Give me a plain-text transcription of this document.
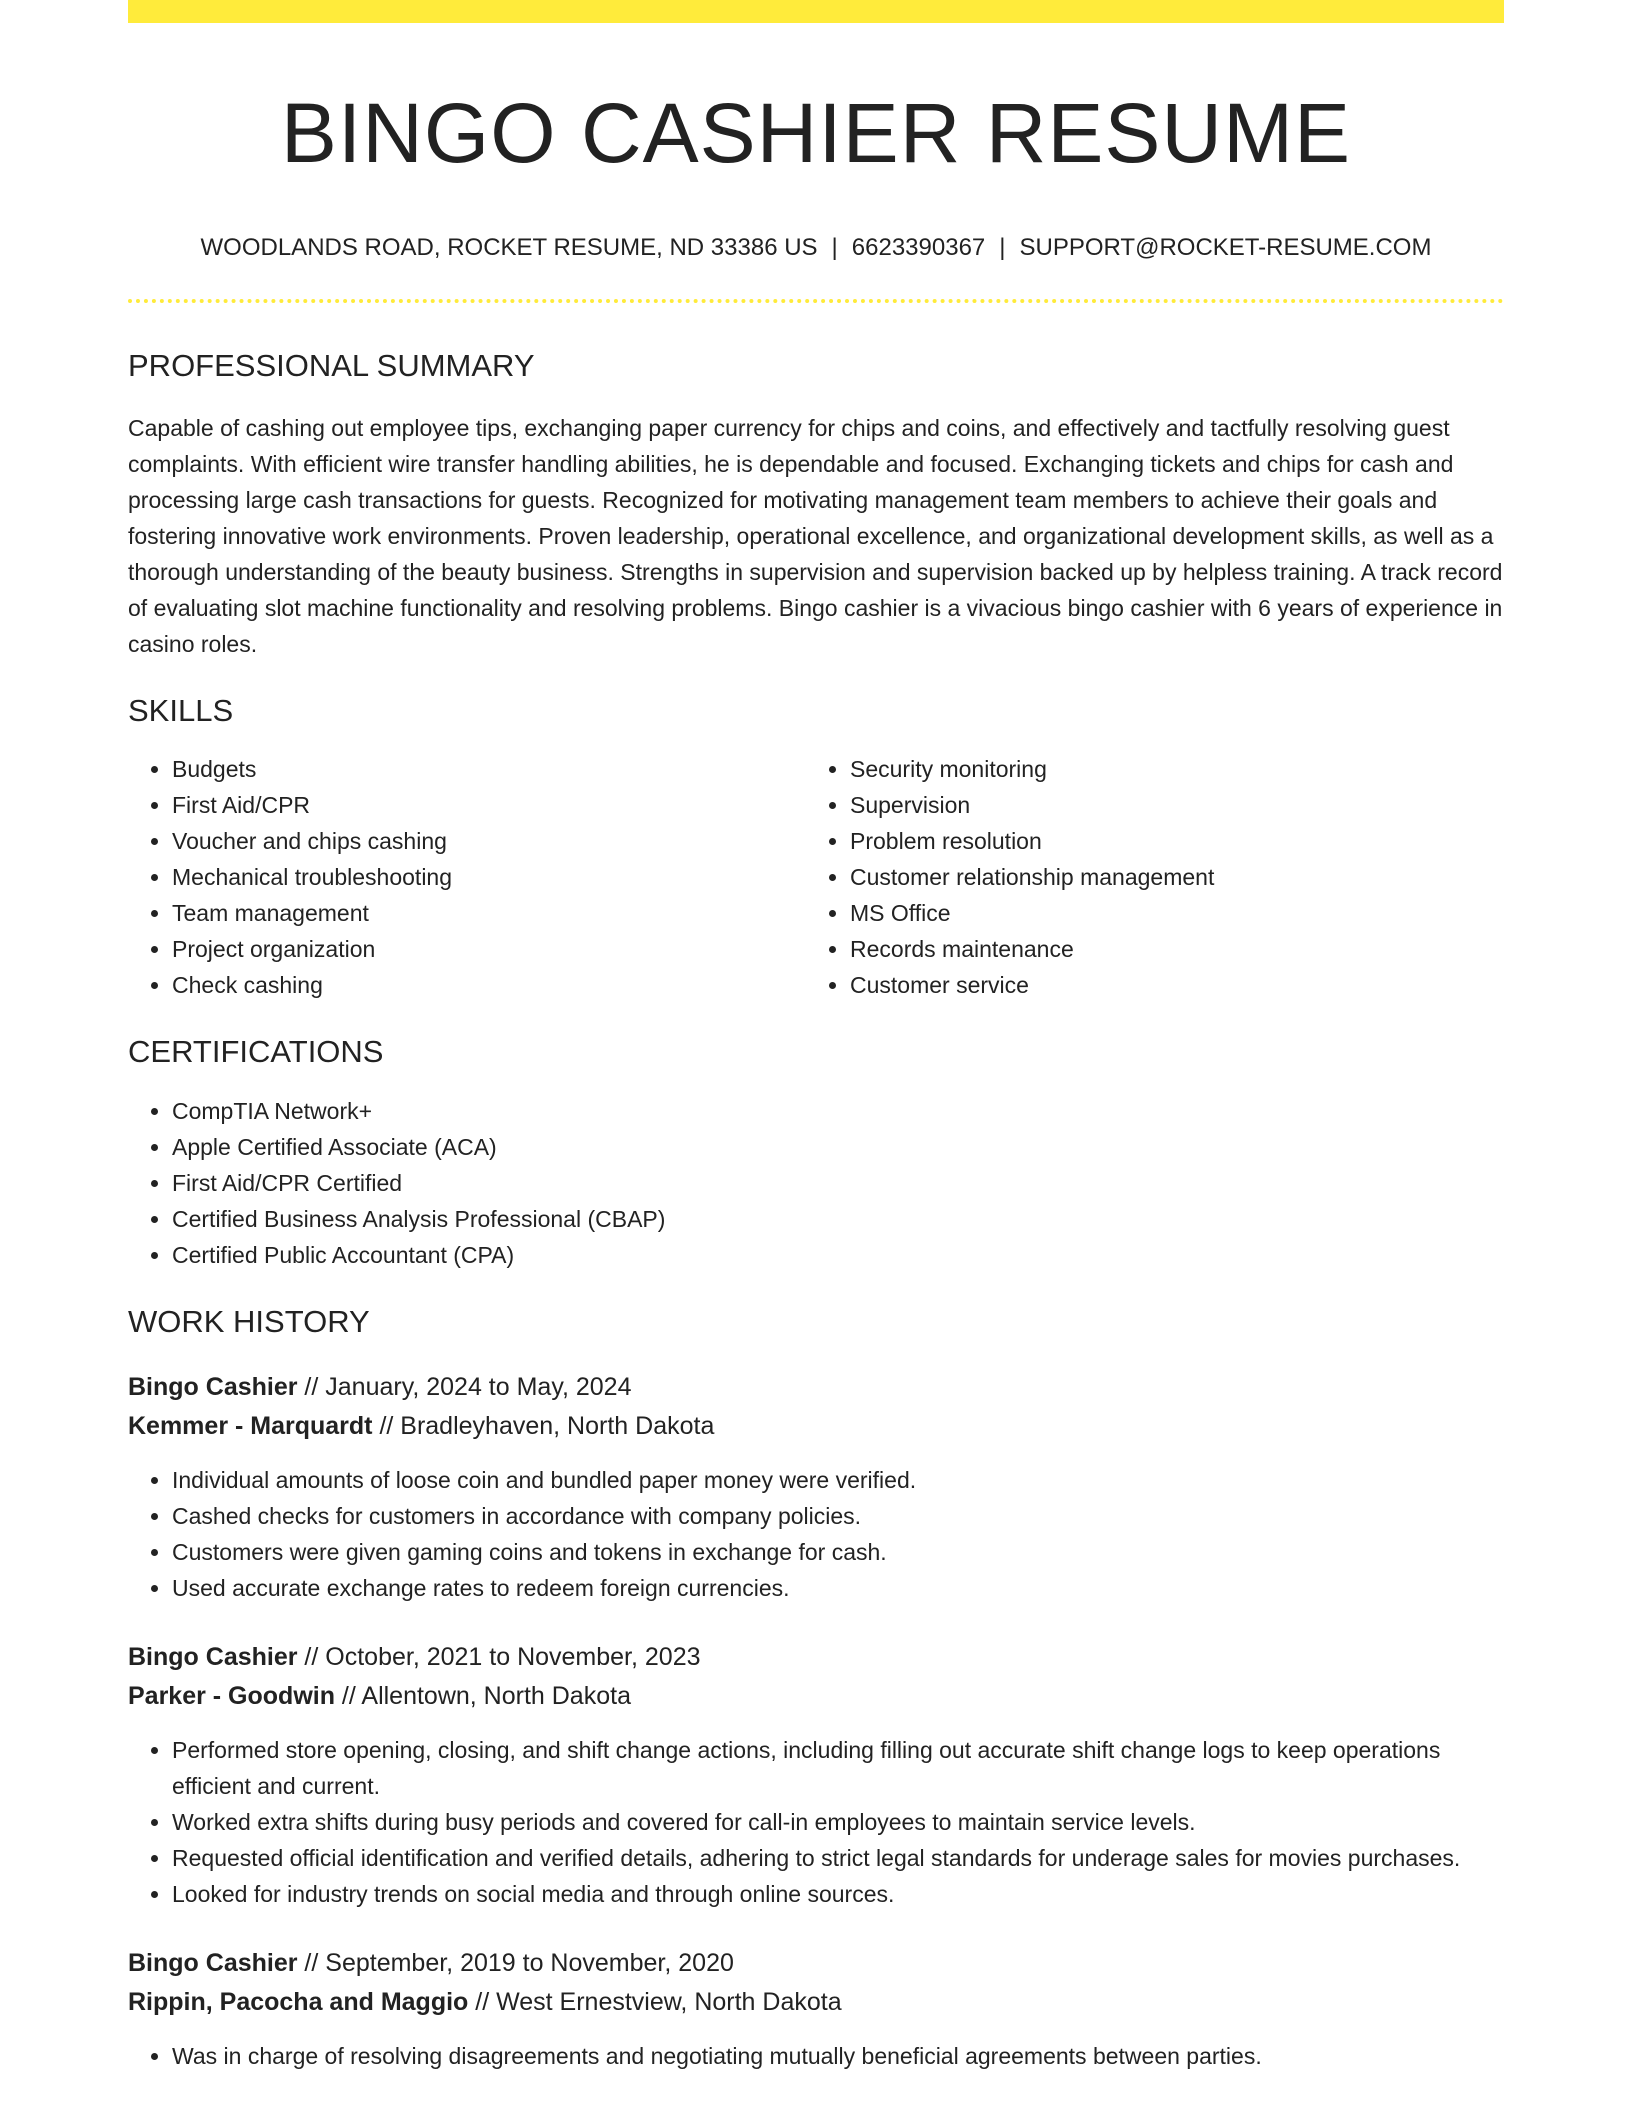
BINGO CASHIER RESUME
WOODLANDS ROAD, ROCKET RESUME, ND 33386 US | 6623390367 | SUPPORT@ROCKET-RESUME.COM
PROFESSIONAL SUMMARY

Capable of cashing out employee tips, exchanging paper currency for chips and coins, and effectively and tactfully resolving guest complaints. With efficient wire transfer handling abilities, he is dependable and focused. Exchanging tickets and chips for cash and processing large cash transactions for guests. Recognized for motivating management team members to achieve their goals and fostering innovative work environments. Proven leadership, operational excellence, and organizational development skills, as well as a thorough understanding of the beauty business. Strengths in supervision and supervision backed up by helpless training. A track record of evaluating slot machine functionality and resolving problems. Bingo cashier is a vivacious bingo cashier with 6 years of experience in casino roles.

SKILLS
• Budgets
• First Aid/CPR
• Voucher and chips cashing
• Mechanical troubleshooting
• Team management
• Project organization
• Check cashing
• Security monitoring
• Supervision
• Problem resolution
• Customer relationship management
• MS Office
• Records maintenance
• Customer service
CERTIFICATIONS
• CompTIA Network+
• Apple Certified Associate (ACA)
• First Aid/CPR Certified
• Certified Business Analysis Professional (CBAP)
• Certified Public Accountant (CPA)
WORK HISTORY
Bingo Cashier // January, 2024 to May, 2024
Kemmer - Marquardt // Bradleyhaven, North Dakota
• Individual amounts of loose coin and bundled paper money were verified.
• Cashed checks for customers in accordance with company policies.
• Customers were given gaming coins and tokens in exchange for cash.
• Used accurate exchange rates to redeem foreign currencies.
Bingo Cashier // October, 2021 to November, 2023
Parker - Goodwin // Allentown, North Dakota
• Performed store opening, closing, and shift change actions, including filling out accurate shift change logs to keep operations efficient and current.
• Worked extra shifts during busy periods and covered for call-in employees to maintain service levels.
• Requested official identification and verified details, adhering to strict legal standards for underage sales for movies purchases.
• Looked for industry trends on social media and through online sources.
Bingo Cashier // September, 2019 to November, 2020
Rippin, Pacocha and Maggio // West Ernestview, North Dakota
• Was in charge of resolving disagreements and negotiating mutually beneficial agreements between parties.
